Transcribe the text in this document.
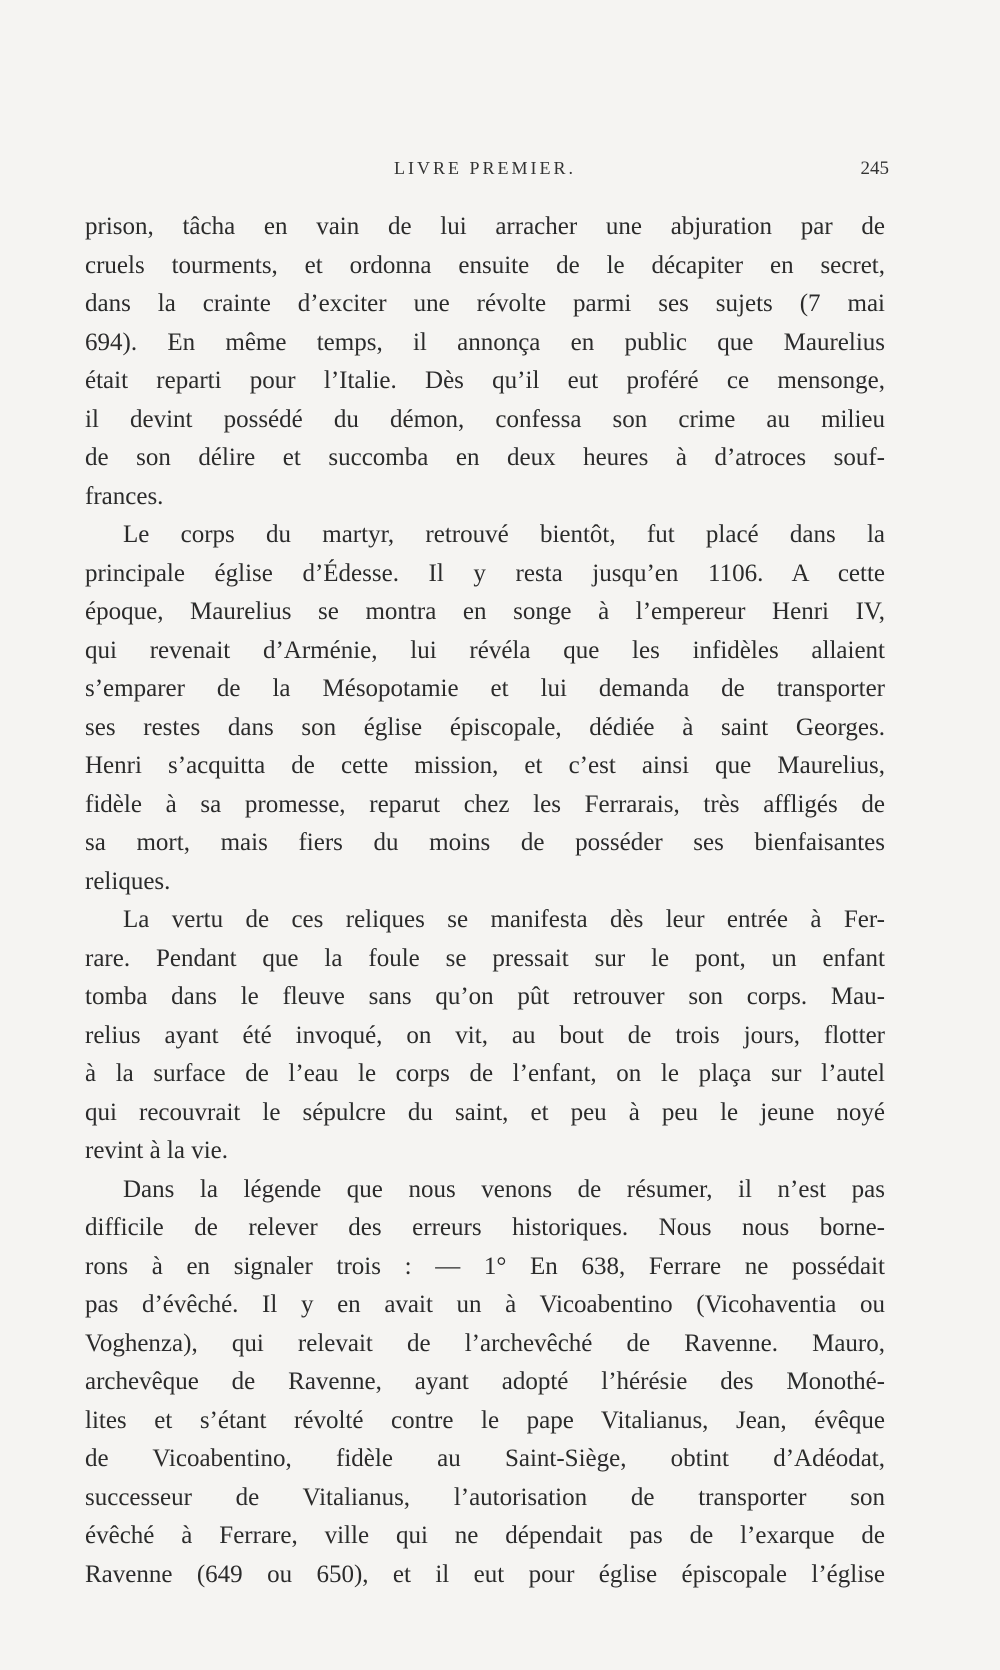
LIVRE PREMIER.	245
prison, tâcha en vain de lui arracher une abjuration par de
cruels tourments, et ordonna ensuite de le décapiter en secret,
dans la crainte d’exciter une révolte parmi ses sujets (7 mai
694). En même temps, il annonça en public que Maurelius
était reparti pour l’Italie. Dès qu’il eut proféré ce mensonge,
il devint possédé du démon, confessa son crime au milieu
de son délire et succomba en deux heures à d’atroces souf-
frances.
Le corps du martyr, retrouvé bientôt, fut placé dans la
principale église d’Édesse. Il y resta jusqu’en 1106. A cette
époque, Maurelius se montra en songe à l’empereur Henri IV,
qui revenait d’Arménie, lui révéla que les infidèles allaient
s’emparer de la Mésopotamie et lui demanda de transporter
ses restes dans son église épiscopale, dédiée à saint Georges.
Henri s’acquitta de cette mission, et c’est ainsi que Maurelius,
fidèle à sa promesse, reparut chez les Ferrarais, très affligés de
sa mort, mais fiers du moins de posséder ses bienfaisantes
reliques.
La vertu de ces reliques se manifesta dès leur entrée à Fer-
rare. Pendant que la foule se pressait sur le pont, un enfant
tomba dans le fleuve sans qu’on pût retrouver son corps. Mau-
relius ayant été invoqué, on vit, au bout de trois jours, flotter
à la surface de l’eau le corps de l’enfant, on le plaça sur l’autel
qui recouvrait le sépulcre du saint, et peu à peu le jeune noyé
revint à la vie.
Dans la légende que nous venons de résumer, il n’est pas
difficile de relever des erreurs historiques. Nous nous borne-
rons à en signaler trois : — 1° En 638, Ferrare ne possédait
pas d’évêché. Il y en avait un à Vicoabentino (Vicohaventia ou
Voghenza), qui relevait de l’archevêché de Ravenne. Mauro,
archevêque de Ravenne, ayant adopté l’hérésie des Monothé-
lites et s’étant révolté contre le pape Vitalianus, Jean, évêque
de Vicoabentino, fidèle au Saint-Siège, obtint d’Adéodat,
successeur de Vitalianus, l’autorisation de transporter son
évêché à Ferrare, ville qui ne dépendait pas de l’exarque de
Ravenne (649 ou 650), et il eut pour église épiscopale l’église
